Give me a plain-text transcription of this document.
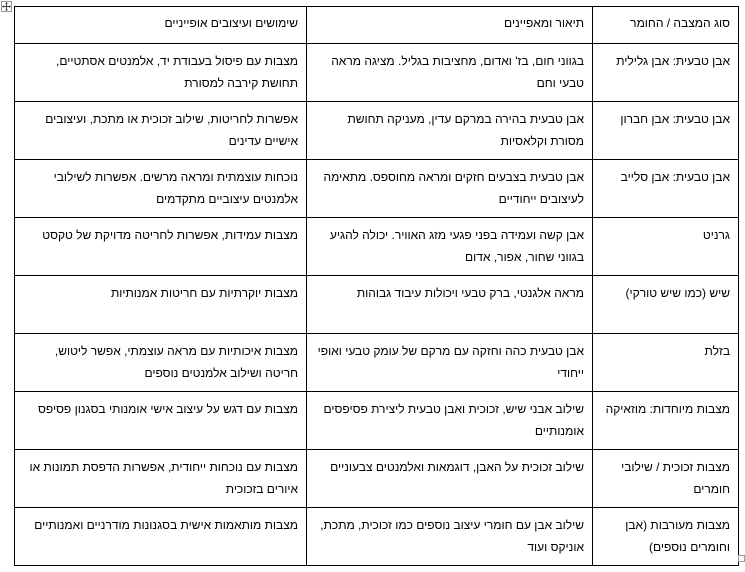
סוג המצבה / החומר	תיאור ומאפיינים	שימושים ועיצובים אופייניים
אבן טבעית: אבן גלילית	בגווני חום, בז' ואדום, מחציבות בגליל. מציגה מראה טבעי וחם	מצבות עם פיסול בעבודת יד, אלמנטים אסתטיים, תחושת קירבה למסורת
אבן טבעית: אבן חברון	אבן טבעית בהירה במרקם עדין, מעניקה תחושת מסורת וקלאסיות	אפשרות לחריטות, שילוב זכוכית או מתכת, ועיצובים אישיים עדינים
אבן טבעית: אבן סלייב	אבן טבעית בצבעים חזקים ומראה מחוספס. מתאימה לעיצובים ייחודיים	נוכחות עוצמתית ומראה מרשים. אפשרות לשילובי אלמנטים עיצוביים מתקדמים
גרניט	אבן קשה ועמידה בפני פגעי מזג האוויר. יכולה להגיע בגווני שחור, אפור, אדום	מצבות עמידות, אפשרות לחריטה מדויקת של טקסט
שיש (כמו שיש טורקי)	מראה אלגנטי, ברק טבעי ויכולות עיבוד גבוהות	מצבות יוקרתיות עם חריטות אמנותיות
בזלת	אבן טבעית כהה וחזקה עם מרקם של עומק טבעי ואופי ייחודי	מצבות איכותיות עם מראה עוצמתי, אפשר ליטוש, חריטה ושילוב אלמנטים נוספים
מצבות מיוחדות: מוזאיקה	שילוב אבני שיש, זכוכית ואבן טבעית ליצירת פסיפסים אומנותיים	מצבות עם דגש על עיצוב אישי אומנותי בסגנון פסיפס
מצבות זכוכית / שילובי חומרים	שילוב זכוכית על האבן, דוגמאות ואלמנטים צבעוניים	מצבות עם נוכחות ייחודית, אפשרות הדפסת תמונות או איורים בזכוכית
מצבות מעורבות (אבן וחומרים נוספים)	שילוב אבן עם חומרי עיצוב נוספים כמו זכוכית, מתכת, אוניקס ועוד	מצבות מותאמות אישית בסגנונות מודרניים ואמנותיים
